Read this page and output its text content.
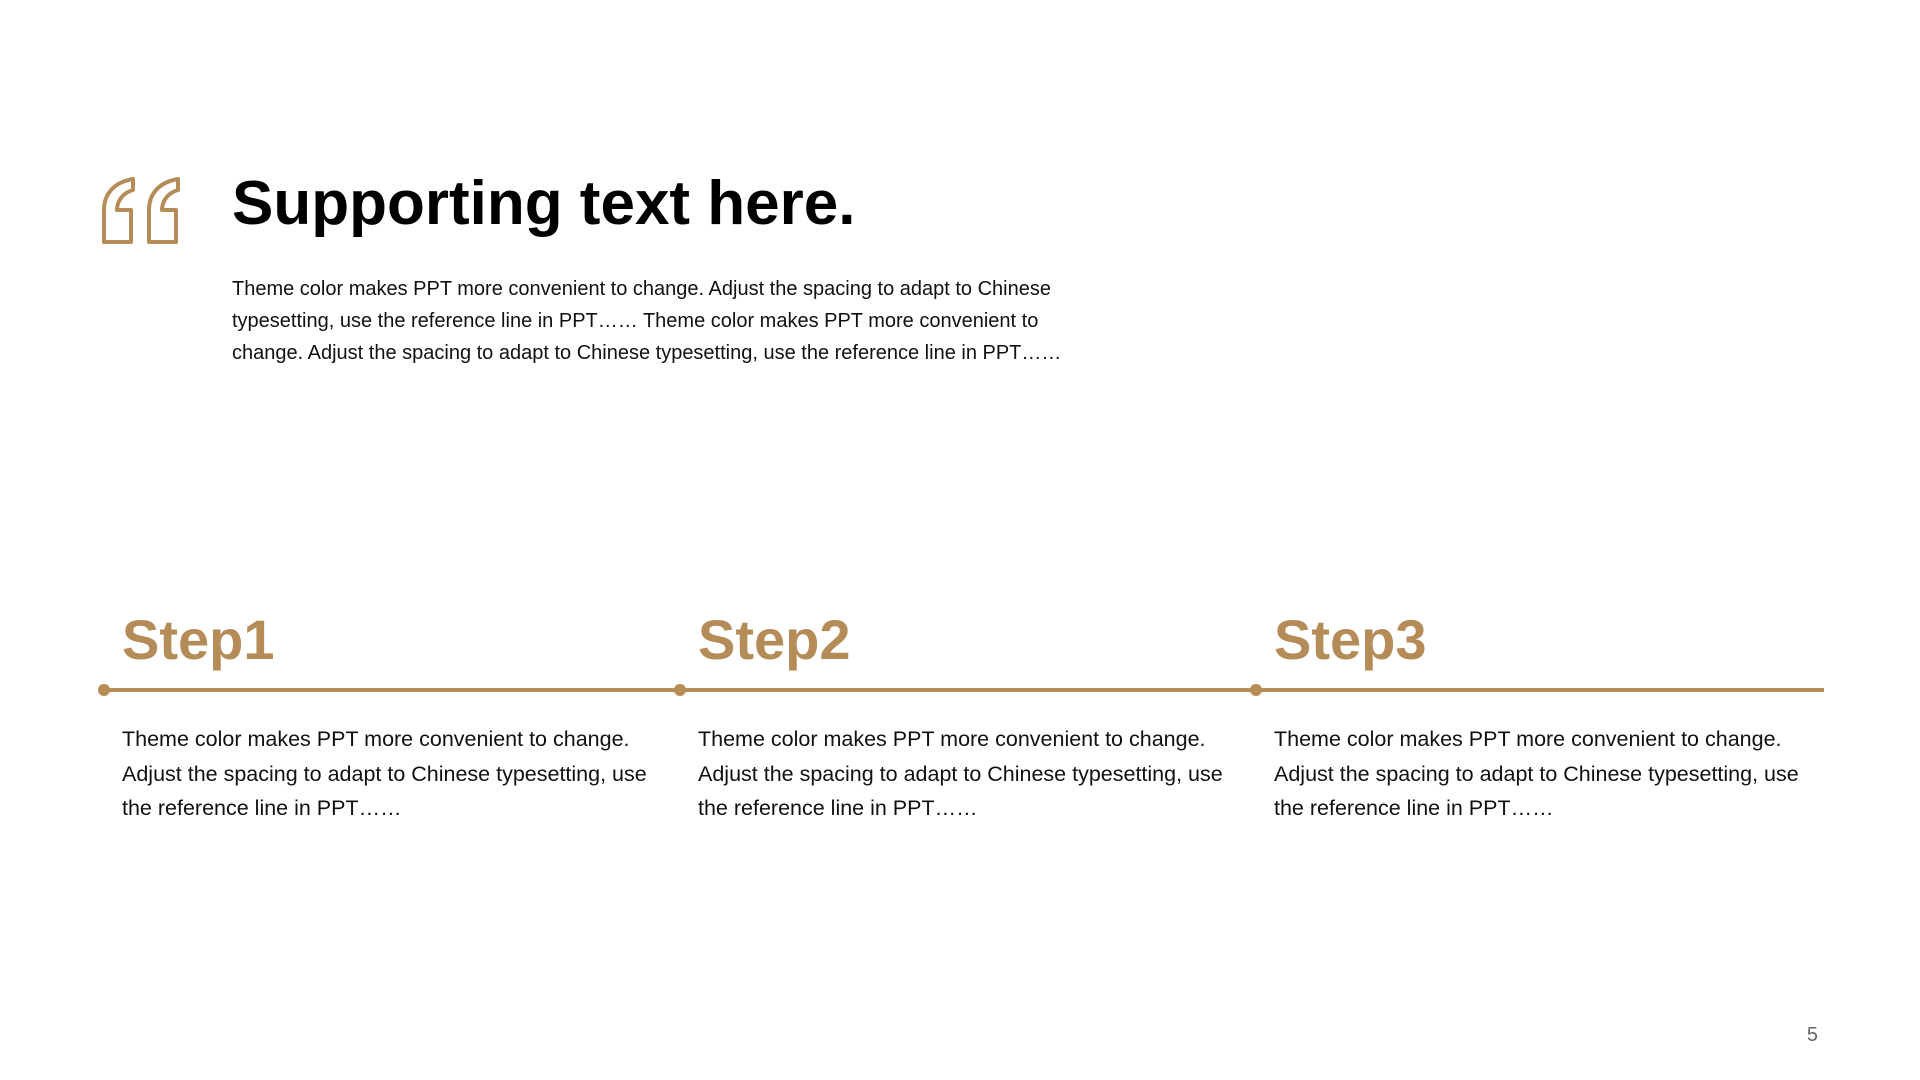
Supporting text here.

Theme color makes PPT more convenient to change. Adjust the spacing to adapt to Chinese typesetting, use the reference line in PPT…… Theme color makes PPT more convenient to change. Adjust the spacing to adapt to Chinese typesetting, use the reference line in PPT……

Step1	Step2	Step3

Theme color makes PPT more convenient to change. Adjust the spacing to adapt to Chinese typesetting, use the reference line in PPT……

Theme color makes PPT more convenient to change. Adjust the spacing to adapt to Chinese typesetting, use the reference line in PPT……

Theme color makes PPT more convenient to change. Adjust the spacing to adapt to Chinese typesetting, use the reference line in PPT……

5
